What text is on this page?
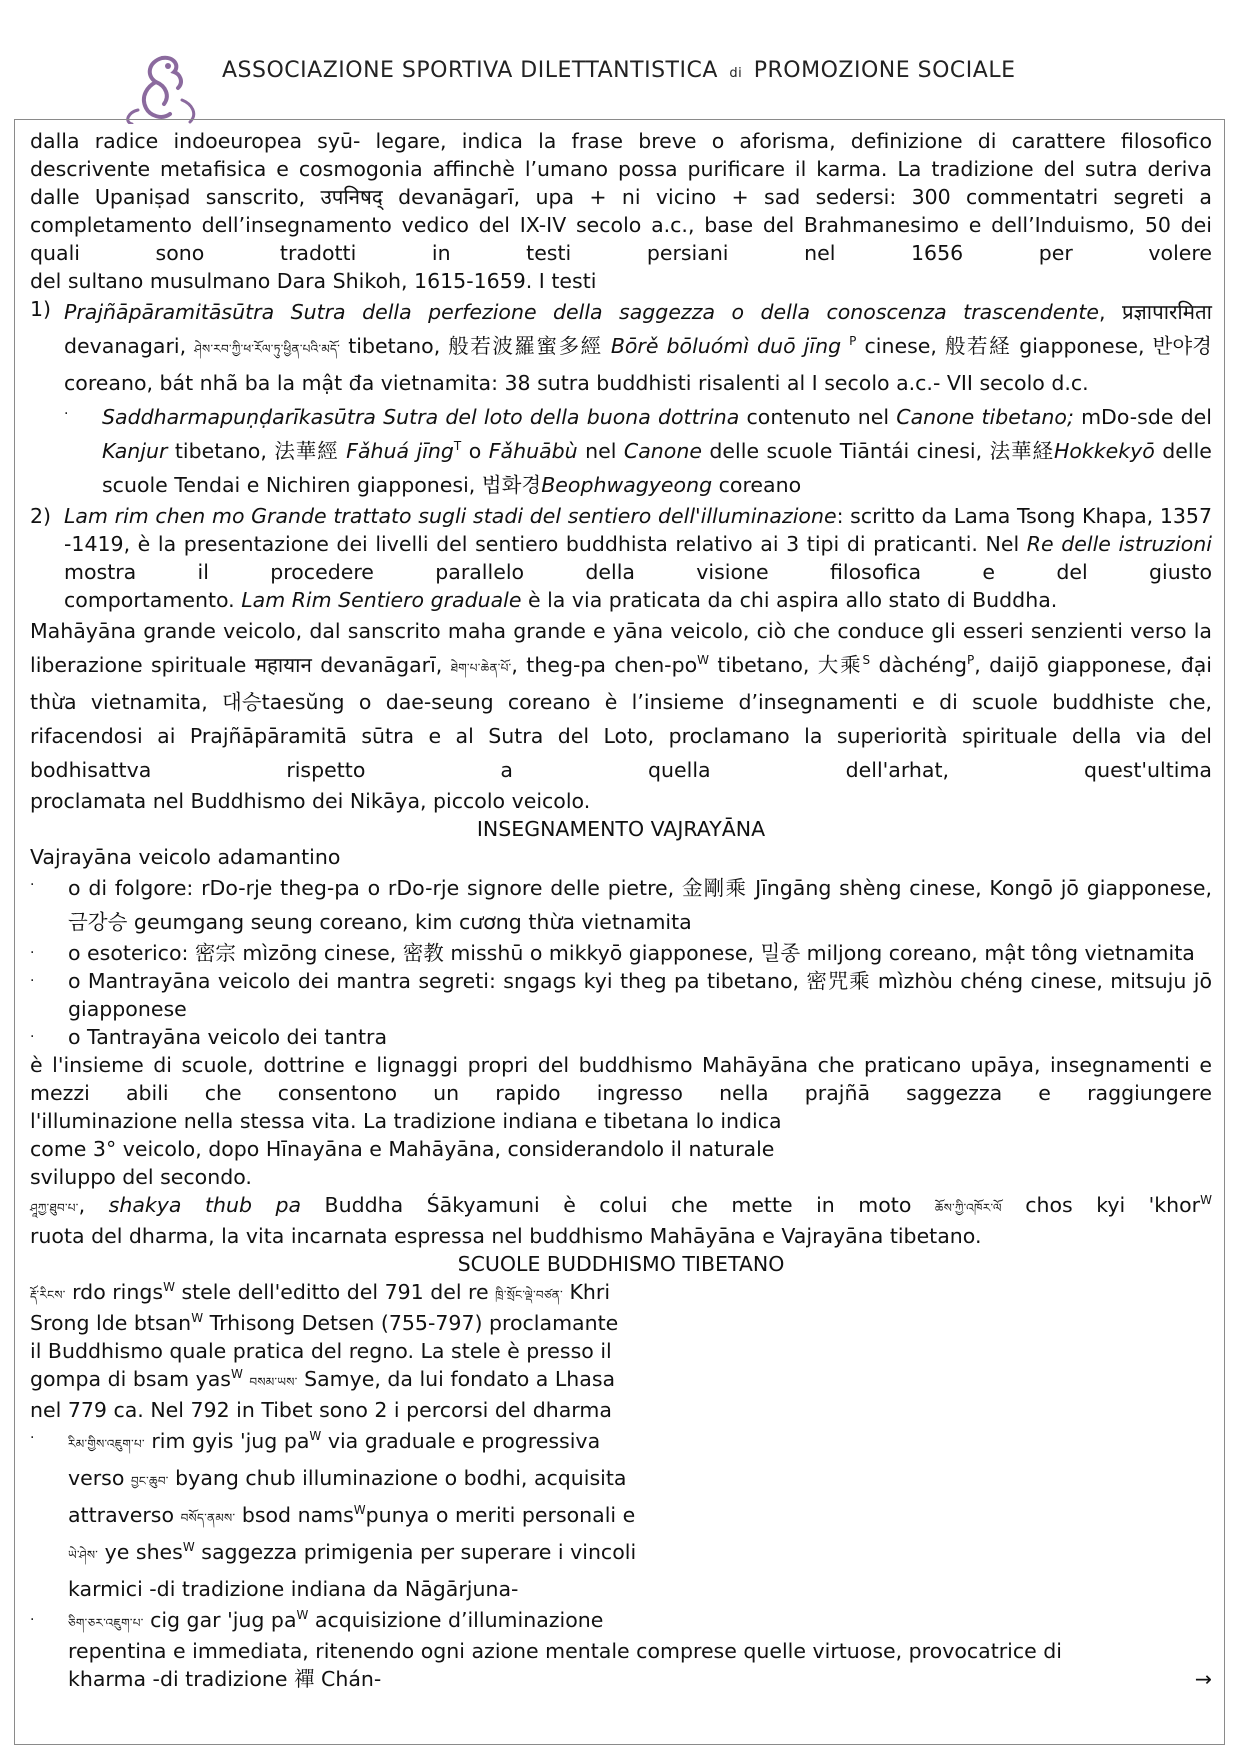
ASSOCIAZIONE SPORTIVA DILETTANTISTICA di PROMOZIONE SOCIALE

dalla radice indoeuropea syū- legare, indica la frase breve o aforisma, definizione di carattere filosofico descrivente metafisica e cosmogonia affinchè l’umano possa purificare il karma. La tradizione del sutra deriva dalle Upaniṣad sanscrito, उपनिषद् devanāgarī, upa + ni vicino + sad sedersi: 300 commentatri segreti a completamento dell’insegnamento vedico del IX-IV secolo a.c., base del Brahmanesimo e dell’Induismo, 50 dei quali sono tradotti in testi persiani nel 1656 per volere

del sultano musulmano Dara Shikoh, 1615-1659. I testi

1) Prajñāpāramitāsūtra Sutra della perfezione della saggezza o della conoscenza trascendente, प्रज्ञापारमिता devanagari, ཤེས་རབ་ཀྱི་ཕ་རོལ་ཏུ་ཕྱིན་པའི་མདོ་ tibetano, 般若波羅蜜多經 Bōrě bōluómì duō jīng $^P$ cinese, 般若経 giapponese, 반야경 coreano, bát nhã ba la mật đa vietnamita: 38 sutra buddhisti risalenti al I secolo a.c.- VII secolo d.c.

·	Saddharmapuṇḍarīkasūtra Sutra del loto della buona dottrina contenuto nel Canone tibetano; mDo-sde del Kanjur tibetano, 法華經 Fǎhuá jīng$^T$ o Fǎhuābù nel Canone delle scuole Tiāntái cinesi, 法華経Hokkekyō delle scuole Tendai e Nichiren giapponesi, 법화경Beophwagyeong coreano

2) Lam rim chen mo Grande trattato sugli stadi del sentiero dell'illuminazione: scritto da Lama Tsong Khapa, 1357 -1419, è la presentazione dei livelli del sentiero buddhista relativo ai 3 tipi di praticanti. Nel Re delle istruzioni mostra il procedere parallelo della visione filosofica e del giusto

comportamento. Lam Rim Sentiero graduale è la via praticata da chi aspira allo stato di Buddha.

Mahāyāna grande veicolo, dal sanscrito maha grande e yāna veicolo, ciò che conduce gli esseri senzienti verso la liberazione spirituale महायान devanāgarī, ཐེག་པ་ཆེན་པོ་, theg-pa chen-$po^W$ tibetano, 大乘$^S$ dàchéng$^P$, daijō giapponese, đại thừa vietnamita, 대승taesŭng o dae-seung coreano è l’insieme d’insegnamenti e di scuole buddhiste che, rifacendosi ai Prajñāpāramitā sūtra e al Sutra del Loto, proclamano la superiorità spirituale della via del bodhisattva rispetto a quella dell'arhat, quest'ultima

proclamata nel Buddhismo dei Nikāya, piccolo veicolo.

INSEGNAMENTO VAJRAYĀNA

Vajrayāna veicolo adamantino

·	o di folgore: rDo-rje theg-pa o rDo-rje signore delle pietre, 金剛乘 Jīngāng shèng cinese, Kongō jō giapponese, 금강승 geumgang seung coreano, kim cương thừa vietnamita

·	o esoterico: 密宗 mìzōng cinese, 密教 misshū o mikkyō giapponese, 밀종 miljong coreano, mật tông vietnamita

·	o Mantrayāna veicolo dei mantra segreti: sngags kyi theg pa tibetano, 密咒乘 mìzhòu chéng cinese, mitsuju jō giapponese

·	o Tantrayāna veicolo dei tantra

è l'insieme di scuole, dottrine e lignaggi propri del buddhismo Mahāyāna che praticano upāya, insegnamenti e mezzi abili che consentono un rapido ingresso nella prajñā saggezza e raggiungere

l'illuminazione nella stessa vita. La tradizione indiana e tibetana lo indica

come 3° veicolo, dopo Hīnayāna e Mahāyāna, considerandolo il naturale

sviluppo del secondo.

ཤཱཀྱ་ཐུབ་པ་, shakya thub pa Buddha Śākyamuni è colui che mette in moto ཆོས་ཀྱི་འཁོར་ལོ chos kyi 'khor$^W$

ruota del dharma, la vita incarnata espressa nel buddhismo Mahāyāna e Vajrayāna tibetano.

SCUOLE BUDDHISMO TIBETANO

རྡོ་རིངས་ rdo rings$^W$ stele dell'editto del 791 del re ཁྲི་སྲོང་ལྡེ་བཙན་ Khri

Srong lde btsan$^W$ Trhisong Detsen (755-797) proclamante

il Buddhismo quale pratica del regno. La stele è presso il

gompa di bsam yas$^W$ བསམ་ཡས་ Samye, da lui fondato a Lhasa

nel 779 ca. Nel 792 in Tibet sono 2 i percorsi del dharma

·	རིམ་གྱིས་འཇུག་པ་ rim gyis 'jug $pa^W$ via graduale e progressiva

verso བྱང་ཆུབ་ byang chub illuminazione o bodhi, acquisita

attraverso བསོད་ནམས་ bsod nams$^W$punya o meriti personali e

ཡེ་ཤེས་ ye shes$^W$ saggezza primigenia per superare i vincoli

karmici -di tradizione indiana da Nāgārjuna-

·	ཅིག་ཅར་འཇུག་པ་ cig gar 'jug $pa^W$ acquisizione d’illuminazione

repentina e immediata, ritenendo ogni azione mentale comprese quelle virtuose, provocatrice di

kharma -di tradizione 禪 Chán-	→
